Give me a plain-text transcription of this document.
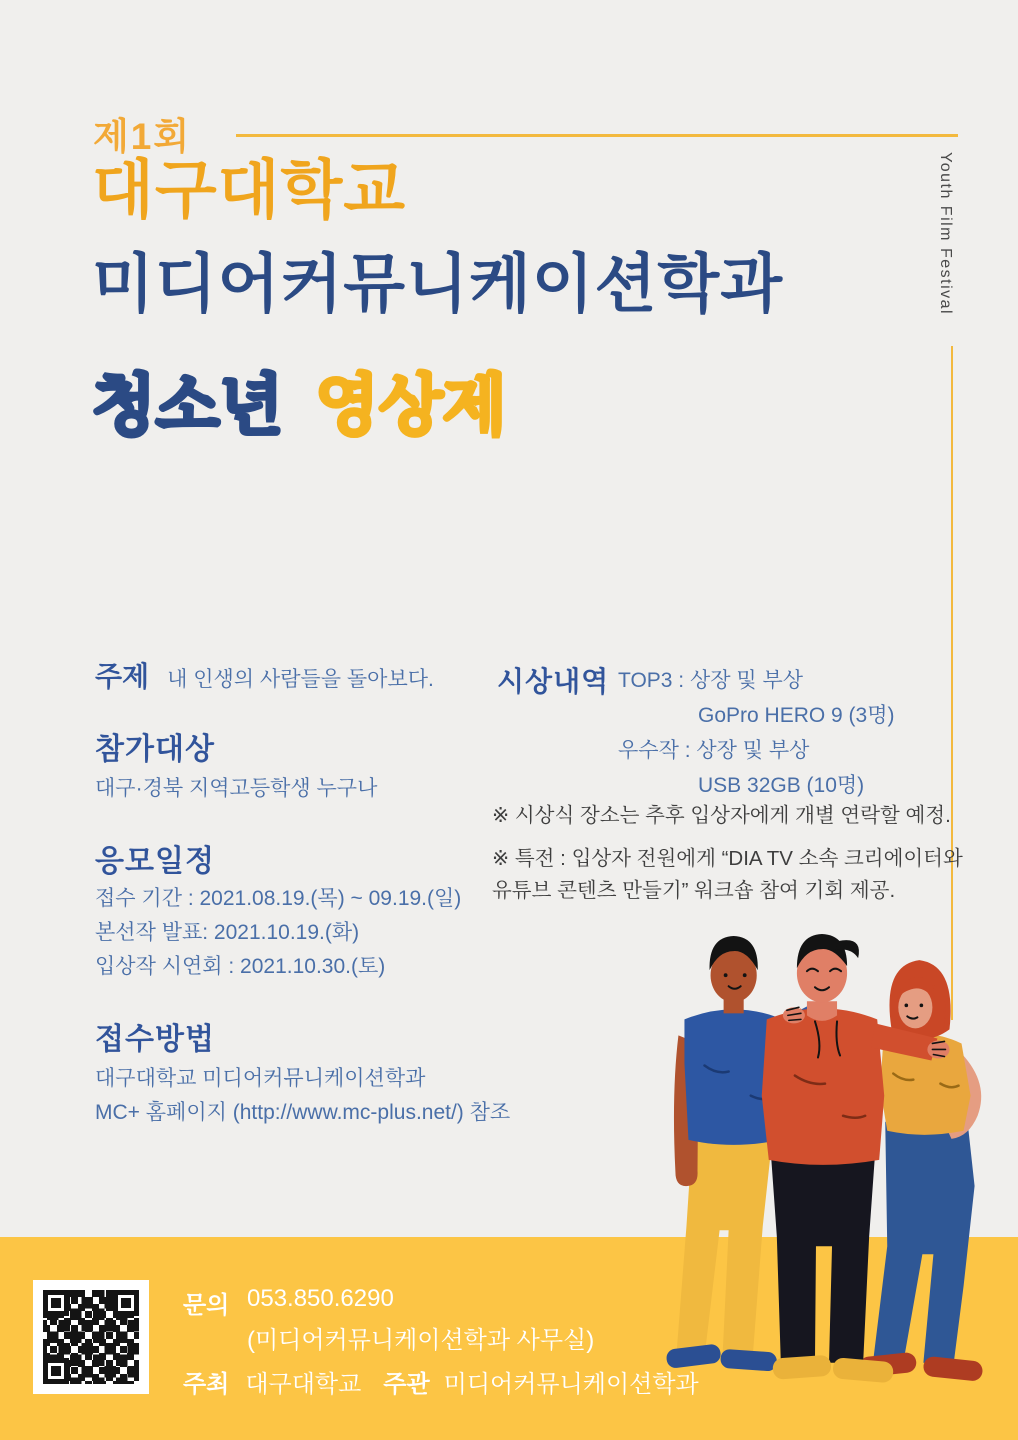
제1회
대구대학교
미디어커뮤니케이션학과
청소년 영상제
Youth Film Festival
주제 내 인생의 사람들을 돌아보다.
참가대상
대구·경북 지역고등학생 누구나
응모일정
접수 기간 : 2021.08.19.(목) ~ 09.19.(일)
본선작 발표: 2021.10.19.(화)
입상작 시연회 : 2021.10.30.(토)
접수방법
대구대학교 미디어커뮤니케이션학과
MC+ 홈페이지 (http://www.mc-plus.net/) 참조
시상내역 TOP3 : 상장 및 부상
GoPro HERO 9 (3명)
우수작 : 상장 및 부상
USB 32GB (10명)
※ 시상식 장소는 추후 입상자에게 개별 연락할 예정.
※ 특전 : 입상자 전원에게 “DIA TV 소속 크리에이터와 유튜브 콘텐츠 만들기” 워크숍 참여 기회 제공.
문의 053.850.6290
(미디어커뮤니케이션학과 사무실)
주최 대구대학교 주관 미디어커뮤니케이션학과
